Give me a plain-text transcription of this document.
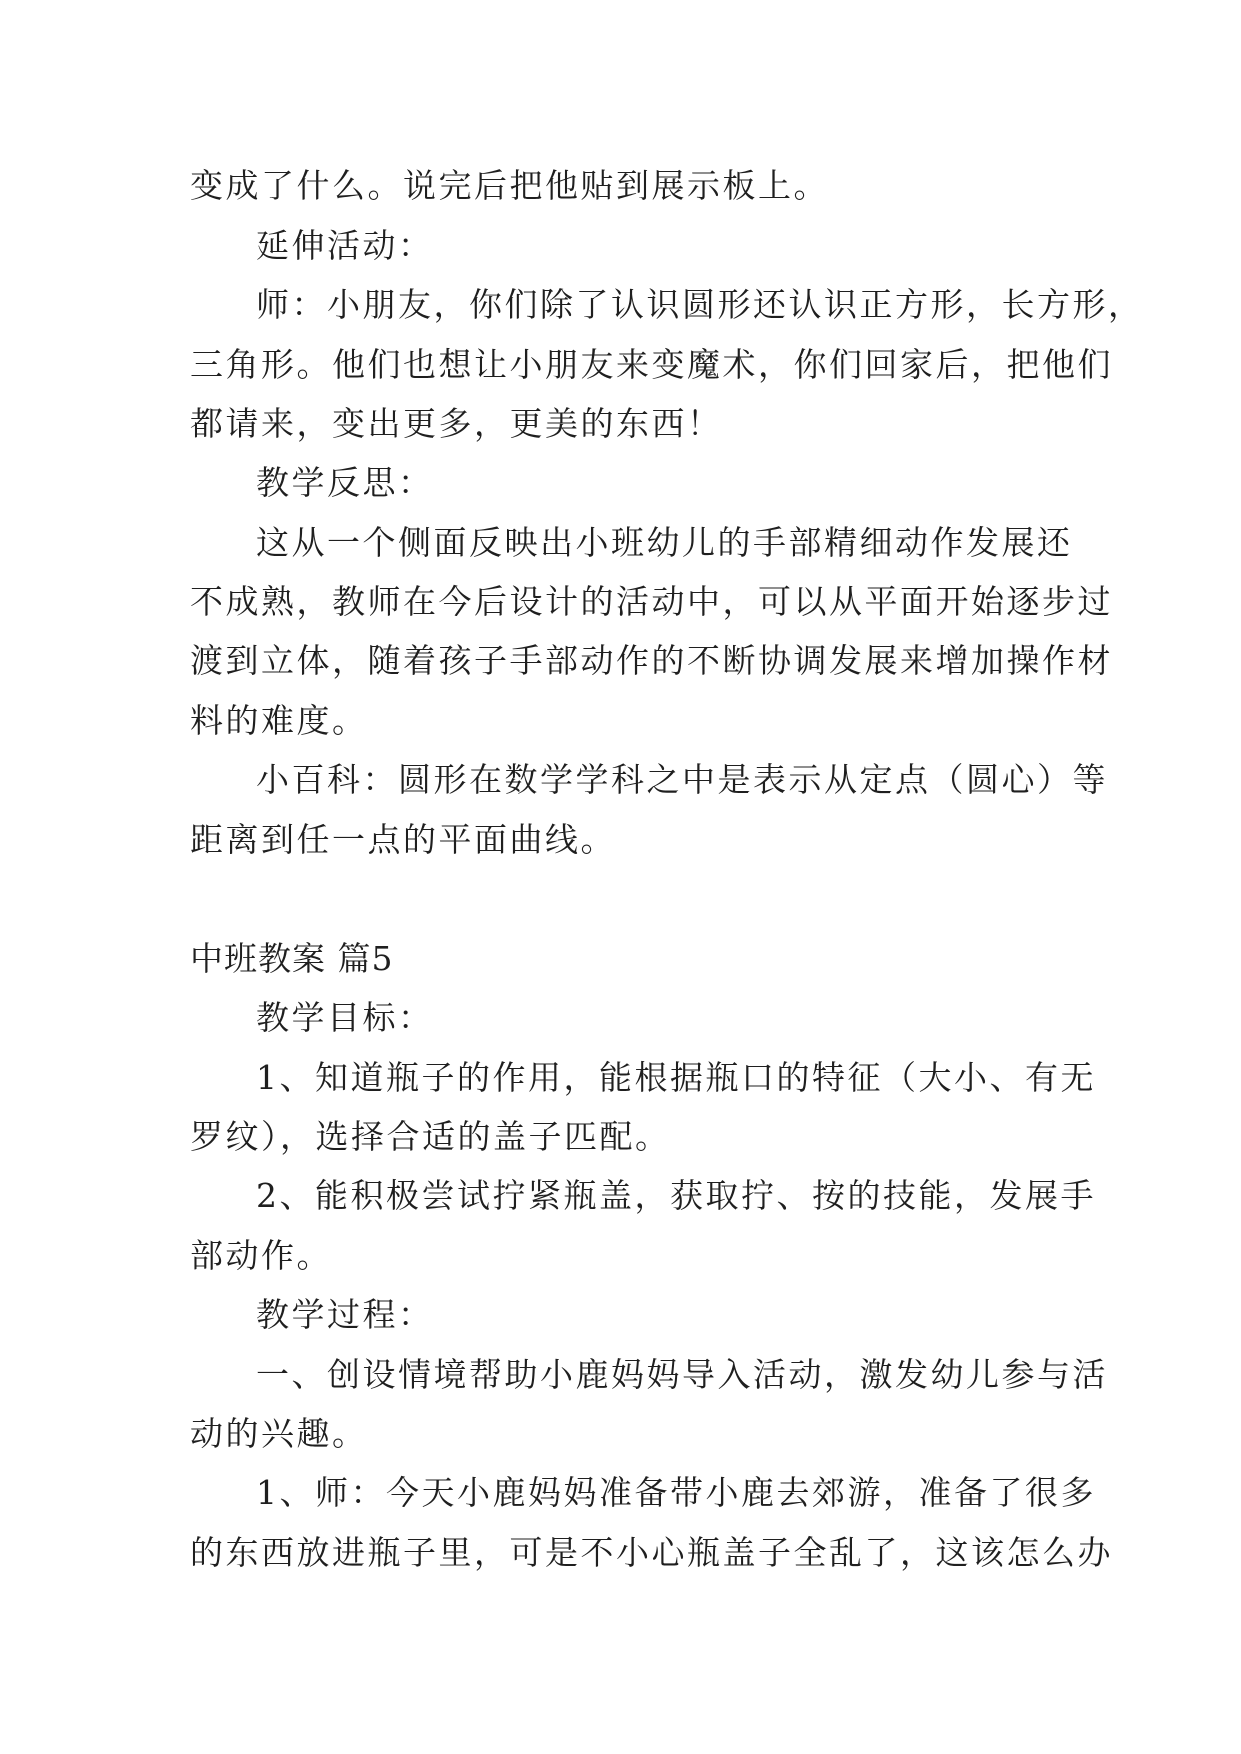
变成了什么。说完后把他贴到展示板上。
延伸活动：
师：小朋友，你们除了认识圆形还认识正方形，长方形，
三角形。他们也想让小朋友来变魔术，你们回家后，把他们
都请来，变出更多，更美的东西！
教学反思：
这从一个侧面反映出小班幼儿的手部精细动作发展还
不成熟，教师在今后设计的活动中，可以从平面开始逐步过
渡到立体，随着孩子手部动作的不断协调发展来增加操作材
料的难度。
小百科：圆形在数学学科之中是表示从定点（圆心）等
距离到任一点的平面曲线。
中班教案 篇5
教学目标：
1、知道瓶子的作用，能根据瓶口的特征（大小、有无
罗纹），选择合适的盖子匹配。
2、能积极尝试拧紧瓶盖，获取拧、按的技能，发展手
部动作。
教学过程：
一、创设情境帮助小鹿妈妈导入活动，激发幼儿参与活
动的兴趣。
1、师：今天小鹿妈妈准备带小鹿去郊游，准备了很多
的东西放进瓶子里，可是不小心瓶盖子全乱了，这该怎么办
